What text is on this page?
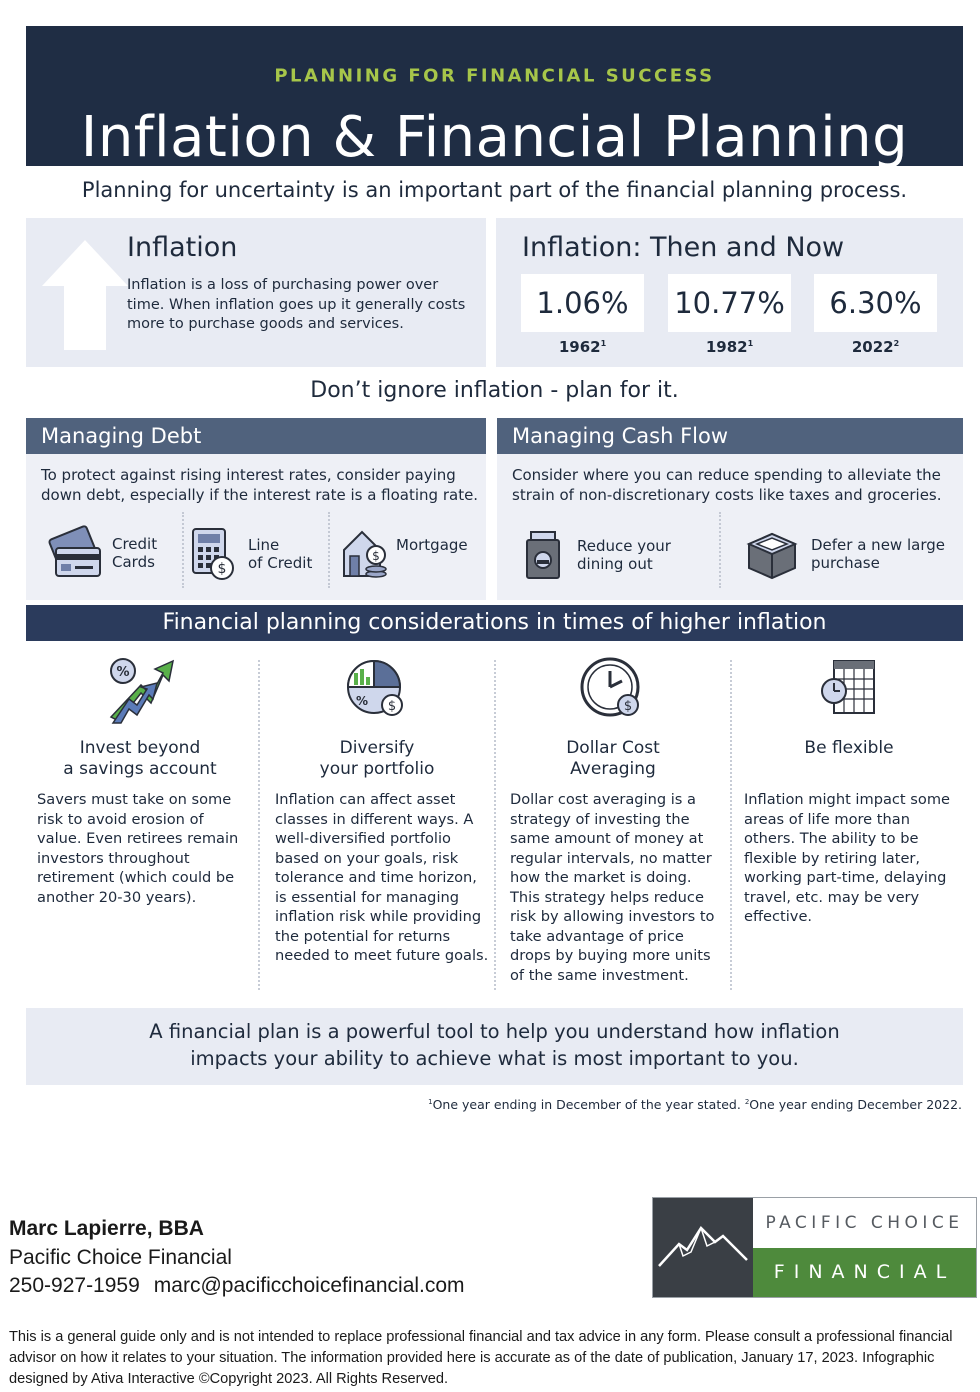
PLANNING FOR FINANCIAL SUCCESS
Inflation & Financial Planning
Planning for uncertainty is an important part of the financial planning process.
Inflation

Inflation is a loss of purchasing power over time. When inflation goes up it generally costs more to purchase goods and services.

Inflation: Then and Now
1.06%	10.77%	6.30%
1962$^1$	1982$^1$	2022$^2$
Don’t ignore inflation - plan for it.
Managing Debt

To protect against rising interest rates, consider paying down debt, especially if the interest rate is a floating rate.

Credit
Cards	$
Line
of Credit	$
Mortgage
Managing Cash Flow

Consider where you can reduce spending to alleviate the strain of non-discretionary costs like taxes and groceries.

Reduce your
dining out
Defer a new large
purchase
Financial planning considerations in times of higher inflation
%
Invest beyond
a savings account

Savers must take on some risk to avoid erosion of value. Even retirees remain investors throughout retirement (which could be another 20-30 years).

% $
Diversify
your portfolio

Inflation can affect asset classes in different ways. A well-diversified portfolio based on your goals, risk tolerance and time horizon, is essential for managing inflation risk while providing the potential for returns needed to meet future goals.

$
Dollar Cost
Averaging

Dollar cost averaging is a strategy of investing the same amount of money at regular intervals, no matter how the market is doing. This strategy helps reduce risk by allowing investors to take advantage of price drops by buying more units of the same investment.

Be flexible

Inflation might impact some areas of life more than others. The ability to be flexible by retiring later, working part-time, delaying travel, etc. may be very effective.

A financial plan is a powerful tool to help you understand how inflation
impacts your ability to achieve what is most important to you.
$^1$One year ending in December of the year stated. $^2$One year ending December 2022.
Marc Lapierre, BBA
Pacific Choice Financial
250-927-1959 marc@pacificchoicefinancial.com
PACIFIC CHOICE
FINANCIAL
This is a general guide only and is not intended to replace professional financial and tax advice in any form. Please consult a professional financial advisor on how it relates to your situation. The information provided here is accurate as of the date of publication, January 17, 2023. Infographic designed by Ativa Interactive ©Copyright 2023. All Rights Reserved.
